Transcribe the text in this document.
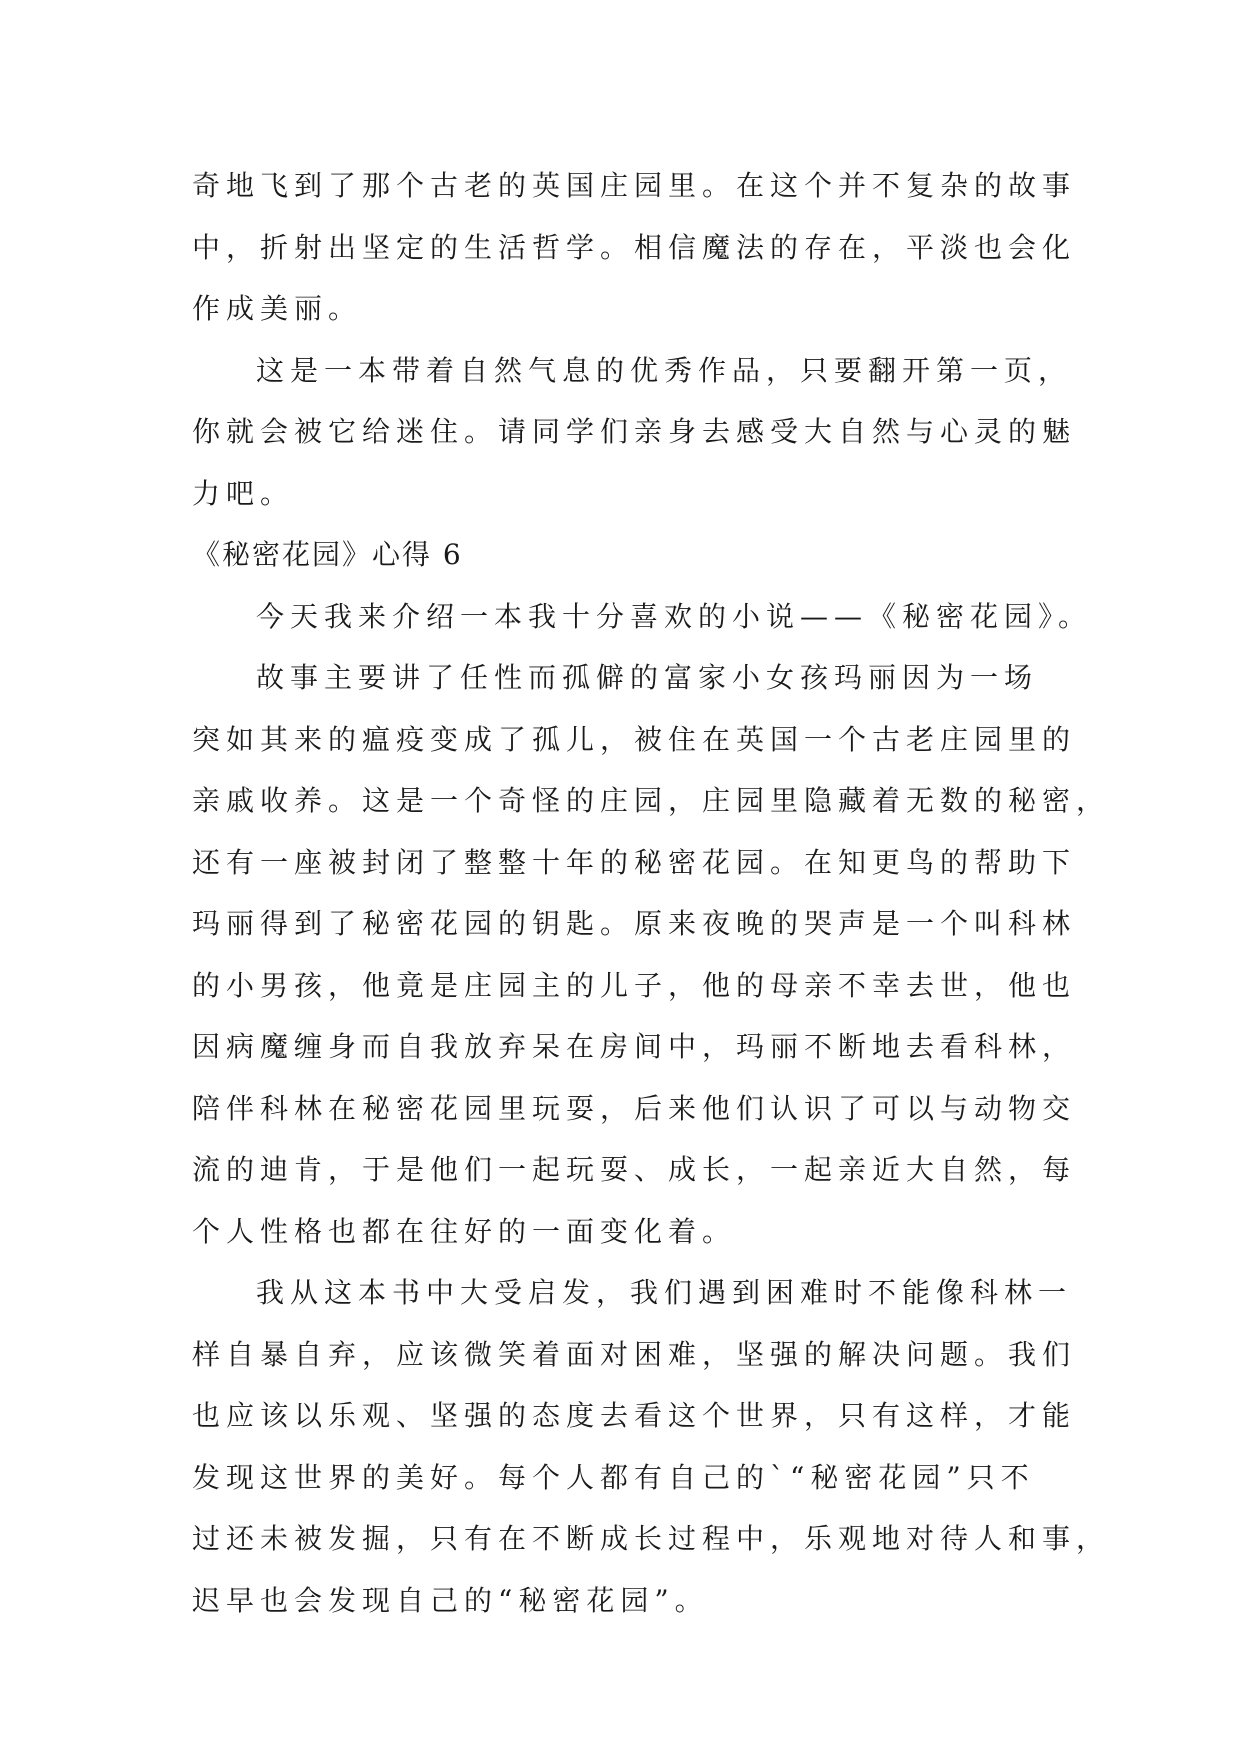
奇地飞到了那个古老的英国庄园里。在这个并不复杂的故事
中，折射出坚定的生活哲学。相信魔法的存在，平淡也会化
作成美丽。
这是一本带着自然气息的优秀作品，只要翻开第一页，
你就会被它给迷住。请同学们亲身去感受大自然与心灵的魅
力吧。
《秘密花园》心得 6
今天我来介绍一本我十分喜欢的小说——《秘密花园》。
故事主要讲了任性而孤僻的富家小女孩玛丽因为一场
突如其来的瘟疫变成了孤儿，被住在英国一个古老庄园里的
亲戚收养。这是一个奇怪的庄园，庄园里隐藏着无数的秘密，
还有一座被封闭了整整十年的秘密花园。在知更鸟的帮助下
玛丽得到了秘密花园的钥匙。原来夜晚的哭声是一个叫科林
的小男孩，他竟是庄园主的儿子，他的母亲不幸去世，他也
因病魔缠身而自我放弃呆在房间中，玛丽不断地去看科林，
陪伴科林在秘密花园里玩耍，后来他们认识了可以与动物交
流的迪肯，于是他们一起玩耍、成长，一起亲近大自然，每
个人性格也都在往好的一面变化着。
我从这本书中大受启发，我们遇到困难时不能像科林一
样自暴自弃，应该微笑着面对困难，坚强的解决问题。我们
也应该以乐观、坚强的态度去看这个世界，只有这样，才能
发现这世界的美好。每个人都有自己的`“秘密花园”只不
过还未被发掘，只有在不断成长过程中，乐观地对待人和事，
迟早也会发现自己的“秘密花园”。
